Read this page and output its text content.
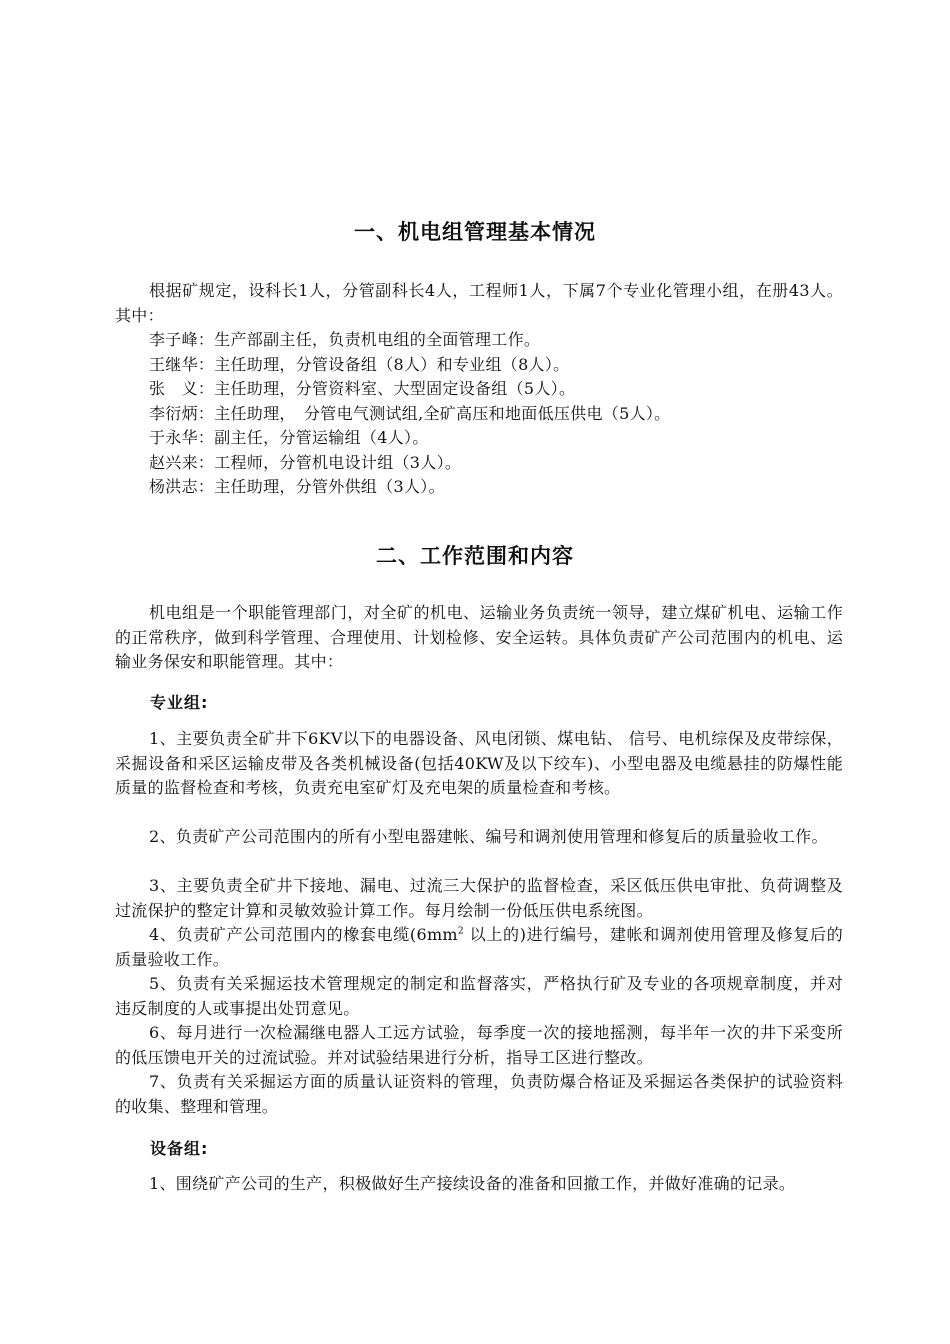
一、机电组管理基本情况

根据矿规定，设科长1人，分管副科长4人，工程师1人，下属7个专业化管理小组，在册43人。其中：

李子峰：生产部副主任，负责机电组的全面管理工作。

王继华：主任助理，分管设备组（8人）和专业组（8人）。

张　义：主任助理，分管资料室、大型固定设备组（5人）。

李衍炳：主任助理，　分管电气测试组,全矿高压和地面低压供电（5人）。

于永华：副主任，分管运输组（4人）。

赵兴来：工程师，分管机电设计组（3人）。

杨洪志：主任助理，分管外供组（3人）。

二、工作范围和内容

机电组是一个职能管理部门，对全矿的机电、运输业务负责统一领导，建立煤矿机电、运输工作的正常秩序，做到科学管理、合理使用、计划检修、安全运转。具体负责矿产公司范围内的机电、运输业务保安和职能管理。其中：

专业组:

1、主要负责全矿井下6KV以下的电器设备、风电闭锁、煤电钻、 信号、电机综保及皮带综保，采掘设备和采区运输皮带及各类机械设备(包括40KW及以下绞车)、小型电器及电缆悬挂的防爆性能质量的监督检查和考核，负责充电室矿灯及充电架的质量检查和考核。

2、负责矿产公司范围内的所有小型电器建帐、编号和调剂使用管理和修复后的质量验收工作。

3、主要负责全矿井下接地、漏电、过流三大保护的监督检查，采区低压供电审批、负荷调整及过流保护的整定计算和灵敏效验计算工作。每月绘制一份低压供电系统图。

4、负责矿产公司范围内的橡套电缆($6mm^2$ 以上的)进行编号，建帐和调剂使用管理及修复后的质量验收工作。

5、负责有关采掘运技术管理规定的制定和监督落实，严格执行矿及专业的各项规章制度，并对违反制度的人或事提出处罚意见。

6、每月进行一次检漏继电器人工远方试验，每季度一次的接地摇测，每半年一次的井下采变所的低压馈电开关的过流试验。并对试验结果进行分析，指导工区进行整改。

7、负责有关采掘运方面的质量认证资料的管理，负责防爆合格证及采掘运各类保护的试验资料的收集、整理和管理。

设备组:

1、围绕矿产公司的生产，积极做好生产接续设备的准备和回撤工作，并做好准确的记录。
